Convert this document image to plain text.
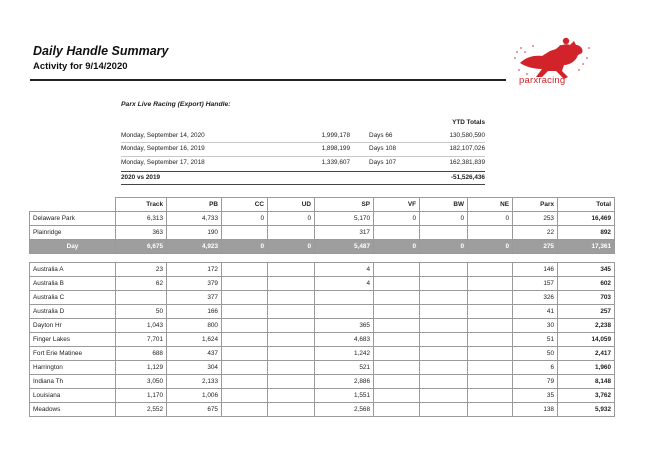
Daily Handle Summary
Activity for 9/14/2020
parxracing
Parx Live Racing (Export) Handle:
			YTD Totals
Monday, September 14, 2020	1,999,178	Days 66	130,580,590
Monday, September 16, 2019	1,898,199	Days 108	182,107,026
Monday, September 17, 2018	1,339,607	Days 107	162,381,839

2020 vs 2019			-51,526,436
	Track	PB	CC	UD	SP	VF	BW	NE	Parx	Total
Delaware Park	6,313	4,733	0	0	5,170	0	0	0	253	16,469
Plainridge	363	190			317				22	892
Day	6,675	4,923	0	0	5,487	0	0	0	275	17,361

Australia A	23	172			4				146	345
Australia B	62	379			4				157	602
Australia C		377							326	703
Australia D	50	166							41	257
Dayton Hr	1,043	800			365				30	2,238
Finger Lakes	7,701	1,624			4,683				51	14,059
Fort Erie Matinee	688	437			1,242				50	2,417
Harrington	1,129	304			521				6	1,960
Indiana Th	3,050	2,133			2,886				79	8,148
Louisiana	1,170	1,006			1,551				35	3,762
Meadows	2,552	675			2,568				138	5,932
